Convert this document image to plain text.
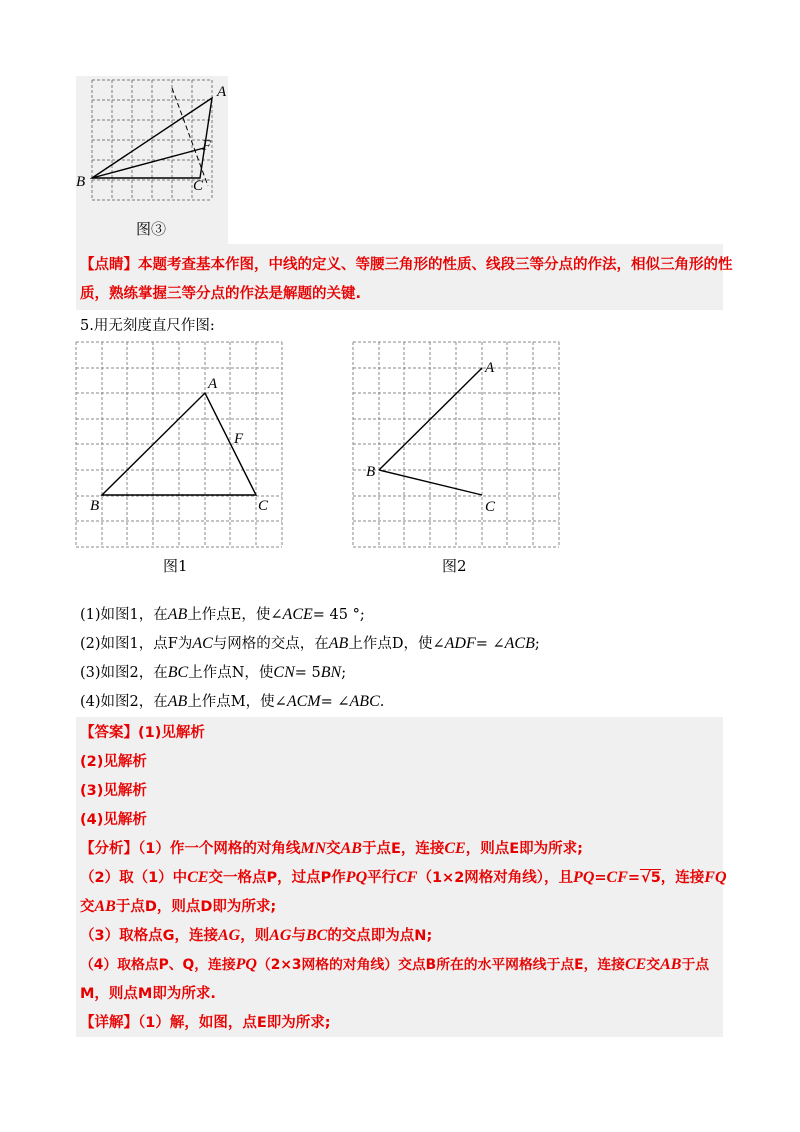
A
F
B	C
图③
【点睛】本题考查基本作图，中线的定义、等腰三角形的性质、线段三等分点的作法，相似三角形的性
质，熟练掌握三等分点的作法是解题的关键.
5.用无刻度直尺作图:
A
F
B	C
图1
A
B
C
图2
(1)如图1，在AB上作点E，使∠ACE= 45 °;
(2)如图1，点F为AC与网格的交点，在AB上作点D，使∠ADF= ∠ACB;
(3)如图2，在BC上作点N，使CN= 5BN;
(4)如图2，在AB上作点M，使∠ACM= ∠ABC.
【答案】(1)见解析
(2)见解析
(3)见解析
(4)见解析
【分析】（1）作一个网格的对角线MN交AB于点E，连接CE，则点E即为所求;
（2）取（1）中CE交一格点P，过点P作PQ平行CF（1×2网格对角线），且PQ=CF=√5，连接FQ
交AB于点D，则点D即为所求;
（3）取格点G，连接AG，则AG与BC的交点即为点N;
（4）取格点P、Q，连接PQ（2×3网格的对角线）交点B所在的水平网格线于点E，连接CE交AB于点
M，则点M即为所求.
【详解】（1）解，如图，点E即为所求;
